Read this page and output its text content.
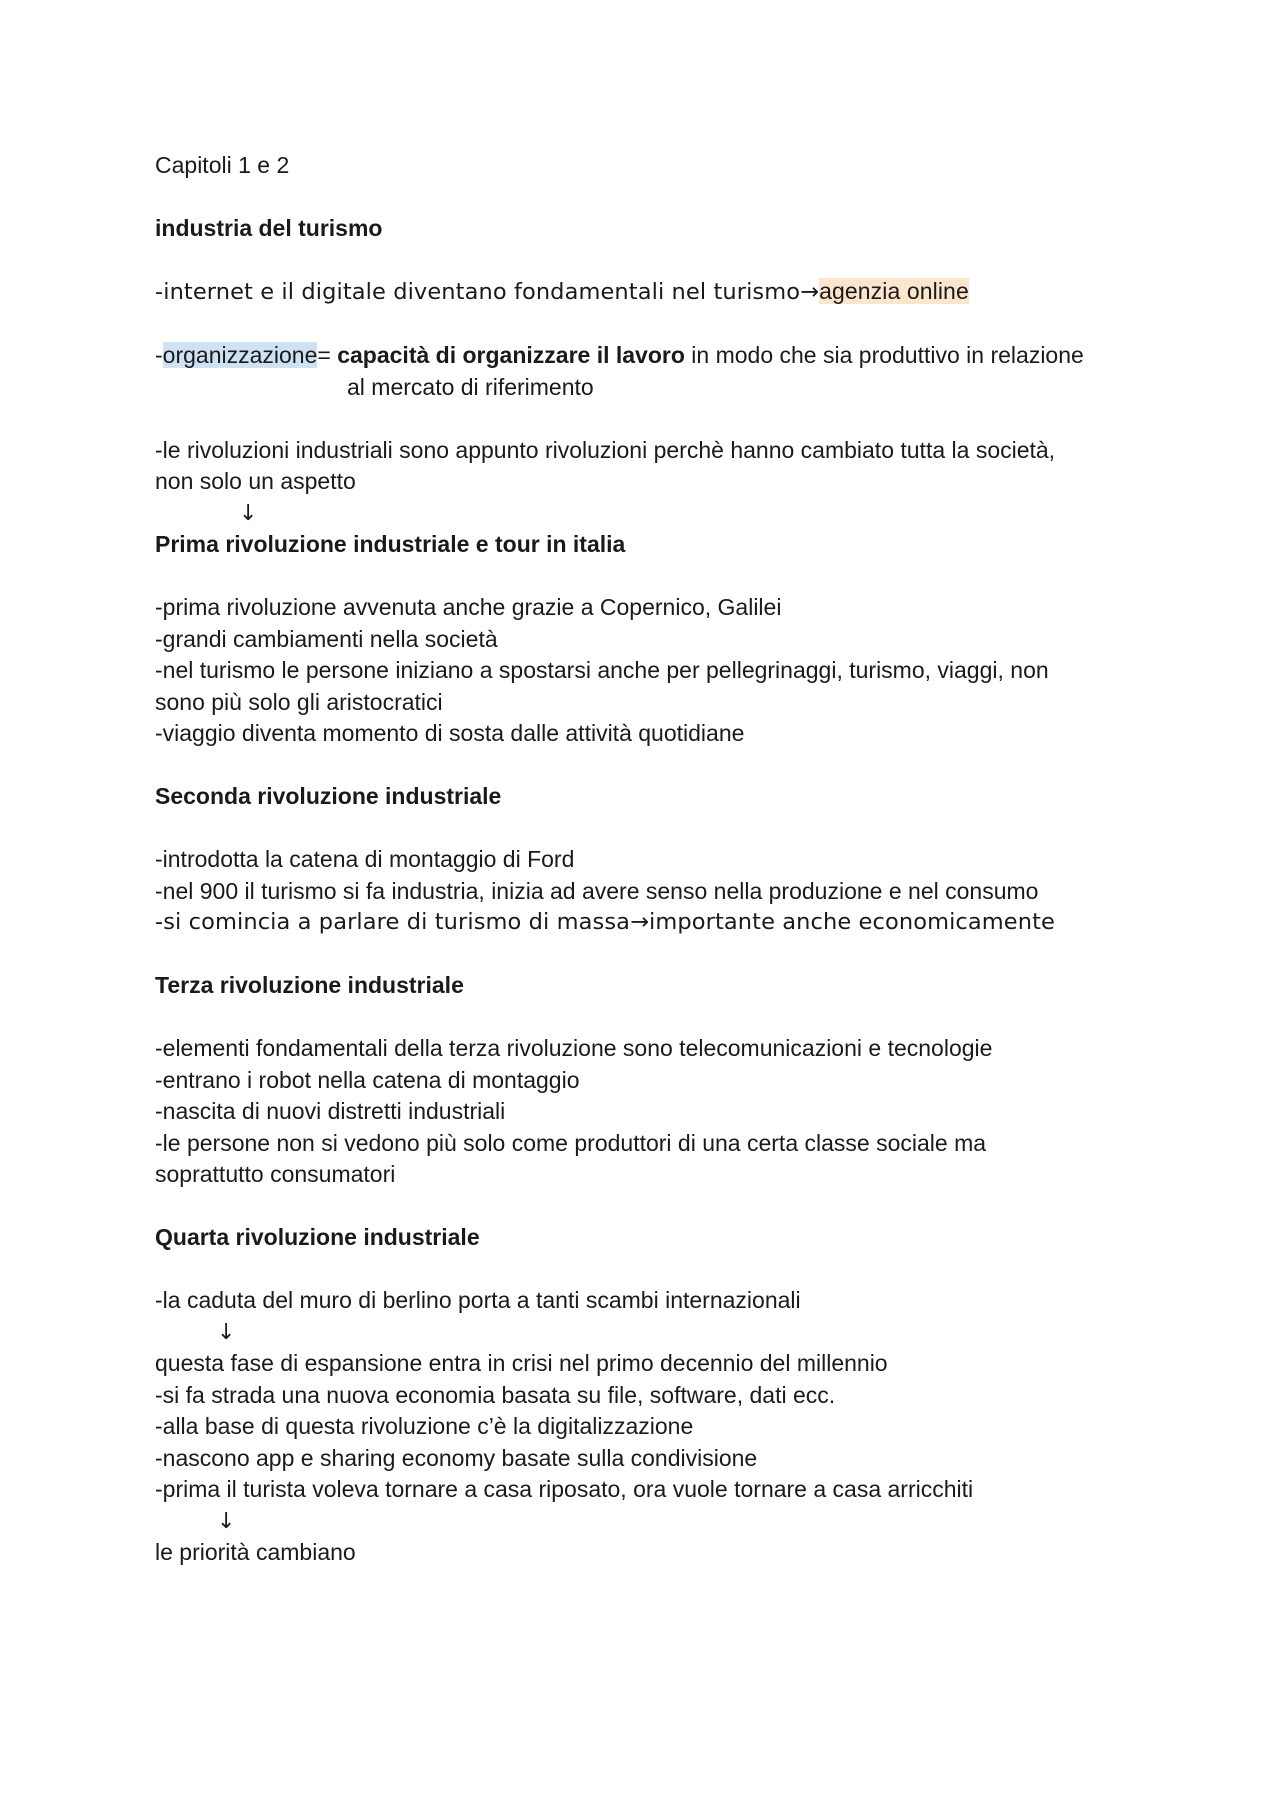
Capitoli 1 e 2
industria del turismo
-internet e il digitale diventano fondamentali nel turismo→agenzia online
-organizzazione= capacità di organizzare il lavoro in modo che sia produttivo in relazione
al mercato di riferimento
-le rivoluzioni industriali sono appunto rivoluzioni perchè hanno cambiato tutta la società,
non solo un aspetto
↓
Prima rivoluzione industriale e tour in italia
-prima rivoluzione avvenuta anche grazie a Copernico, Galilei
-grandi cambiamenti nella società
-nel turismo le persone iniziano a spostarsi anche per pellegrinaggi, turismo, viaggi, non
sono più solo gli aristocratici
-viaggio diventa momento di sosta dalle attività quotidiane
Seconda rivoluzione industriale
-introdotta la catena di montaggio di Ford
-nel 900 il turismo si fa industria, inizia ad avere senso nella produzione e nel consumo
-si comincia a parlare di turismo di massa→importante anche economicamente
Terza rivoluzione industriale
-elementi fondamentali della terza rivoluzione sono telecomunicazioni e tecnologie
-entrano i robot nella catena di montaggio
-nascita di nuovi distretti industriali
-le persone non si vedono più solo come produttori di una certa classe sociale ma
soprattutto consumatori
Quarta rivoluzione industriale
-la caduta del muro di berlino porta a tanti scambi internazionali
↓
questa fase di espansione entra in crisi nel primo decennio del millennio
-si fa strada una nuova economia basata su file, software, dati ecc.
-alla base di questa rivoluzione c’è la digitalizzazione
-nascono app e sharing economy basate sulla condivisione
-prima il turista voleva tornare a casa riposato, ora vuole tornare a casa arricchiti
↓
le priorità cambiano
